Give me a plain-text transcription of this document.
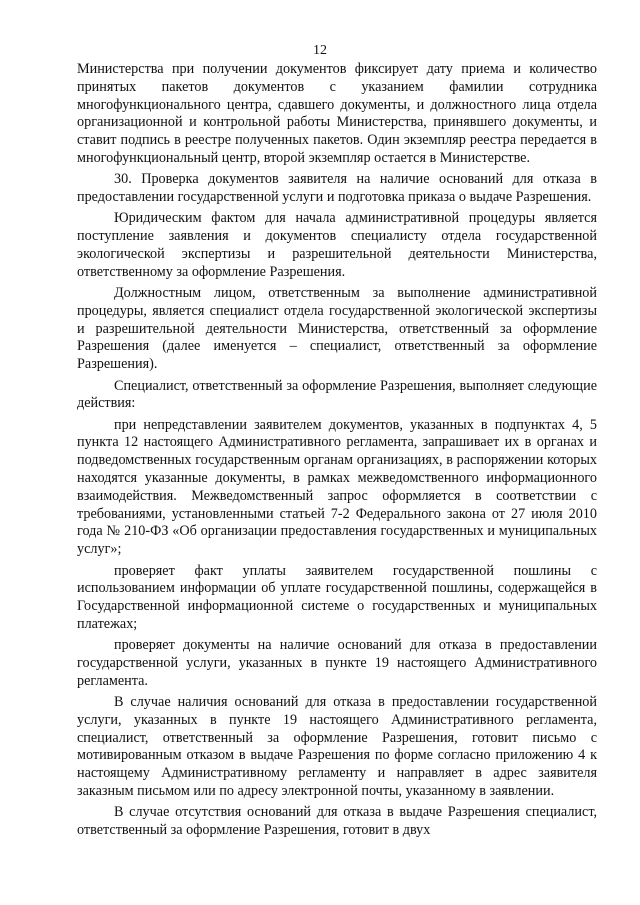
12

Министерства при получении документов фиксирует дату приема и количество принятых пакетов документов с указанием фамилии сотрудника многофункционального центра, сдавшего документы, и должностного лица отдела организационной и контрольной работы Министерства, принявшего документы, и ставит подпись в реестре полученных пакетов. Один экземпляр реестра передается в многофункциональный центр, второй экземпляр остается в Министерстве.

30. Проверка документов заявителя на наличие оснований для отказа в предоставлении государственной услуги и подготовка приказа о выдаче Разрешения.

Юридическим фактом для начала административной процедуры является поступление заявления и документов специалисту отдела государственной экологической экспертизы и разрешительной деятельности Министерства, ответственному за оформление Разрешения.

Должностным лицом, ответственным за выполнение административной процедуры, является специалист отдела государственной экологической экспертизы и разрешительной деятельности Министерства, ответственный за оформление Разрешения (далее именуется – специалист, ответственный за оформление Разрешения).

Специалист, ответственный за оформление Разрешения, выполняет следующие действия:

при непредставлении заявителем документов, указанных в подпунктах 4, 5 пункта 12 настоящего Административного регламента, запрашивает их в органах и подведомственных государственным органам организациях, в распоряжении которых находятся указанные документы, в рамках межведомственного информационного взаимодействия. Межведомственный запрос оформляется в соответствии с требованиями, установленными статьей 7-2 Федерального закона от 27 июля 2010 года № 210-ФЗ «Об организации предоставления государственных и муниципальных услуг»;

проверяет факт уплаты заявителем государственной пошлины с использованием информации об уплате государственной пошлины, содержащейся в Государственной информационной системе о государственных и муниципальных платежах;

проверяет документы на наличие оснований для отказа в предоставлении государственной услуги, указанных в пункте 19 настоящего Административного регламента.

В случае наличия оснований для отказа в предоставлении государственной услуги, указанных в пункте 19 настоящего Административного регламента, специалист, ответственный за оформление Разрешения, готовит письмо с мотивированным отказом в выдаче Разрешения по форме согласно приложению 4 к настоящему Административному регламенту и направляет в адрес заявителя заказным письмом или по адресу электронной почты, указанному в заявлении.

В случае отсутствия оснований для отказа в выдаче Разрешения специалист, ответственный за оформление Разрешения, готовит в двух
